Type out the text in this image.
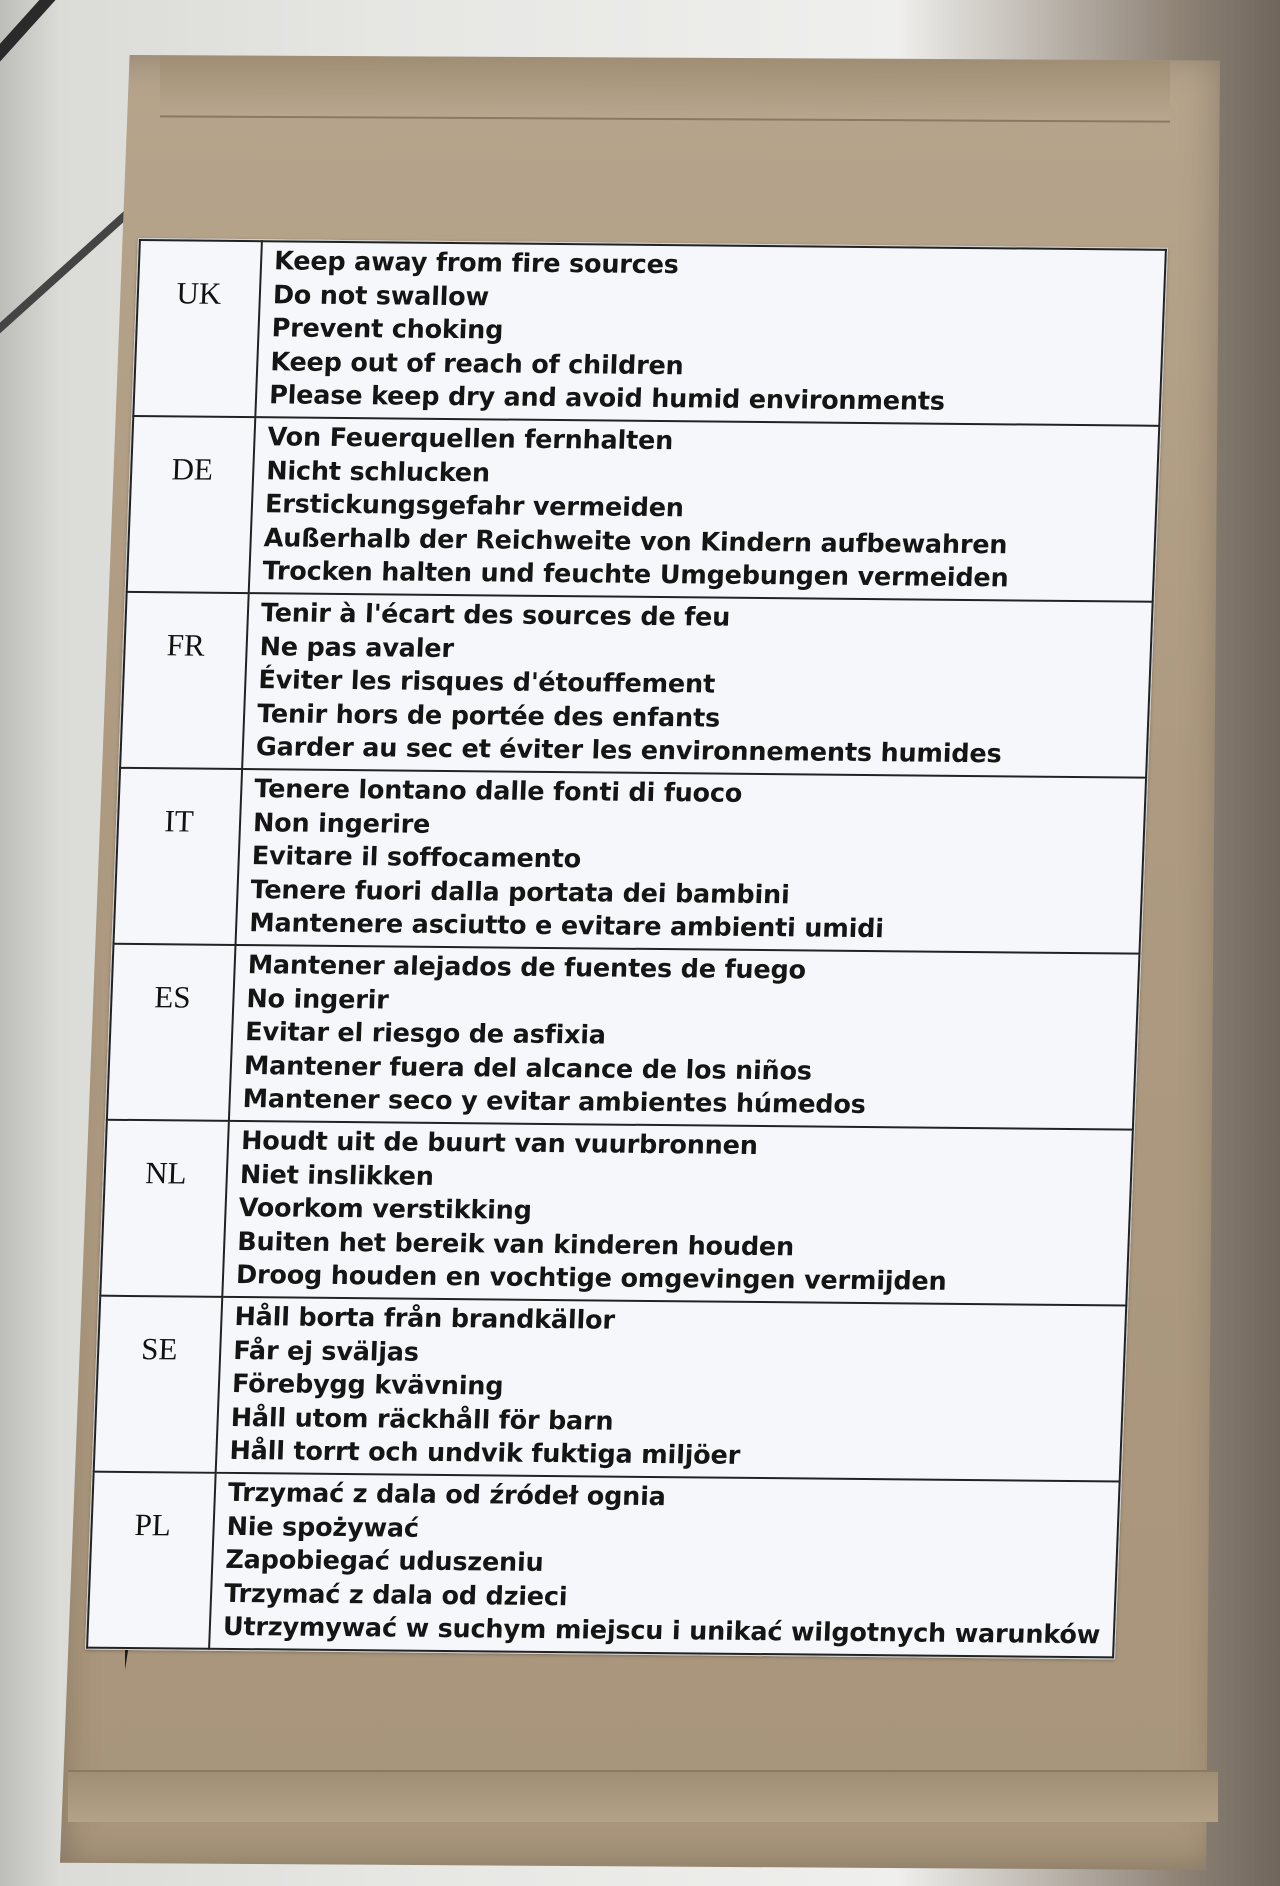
UK	Keep away from fire sources
Do not swallow
Prevent choking
Keep out of reach of children
Please keep dry and avoid humid environments

DE	Von Feuerquellen fernhalten
Nicht schlucken
Erstickungsgefahr vermeiden
Außerhalb der Reichweite von Kindern aufbewahren
Trocken halten und feuchte Umgebungen vermeiden

FR	Tenir à l'écart des sources de feu
Ne pas avaler
Éviter les risques d'étouffement
Tenir hors de portée des enfants
Garder au sec et éviter les environnements humides

IT	Tenere lontano dalle fonti di fuoco
Non ingerire
Evitare il soffocamento
Tenere fuori dalla portata dei bambini
Mantenere asciutto e evitare ambienti umidi

ES	Mantener alejados de fuentes de fuego
No ingerir
Evitar el riesgo de asfixia
Mantener fuera del alcance de los niños
Mantener seco y evitar ambientes húmedos

NL	Houdt uit de buurt van vuurbronnen
Niet inslikken
Voorkom verstikking
Buiten het bereik van kinderen houden
Droog houden en vochtige omgevingen vermijden

SE	Håll borta från brandkällor
Får ej sväljas
Förebygg kvävning
Håll utom räckhåll för barn
Håll torrt och undvik fuktiga miljöer

PL	Trzymać z dala od źródeł ognia
Nie spożywać
Zapobiegać uduszeniu
Trzymać z dala od dzieci
Utrzymywać w suchym miejscu i unikać wilgotnych warunków
